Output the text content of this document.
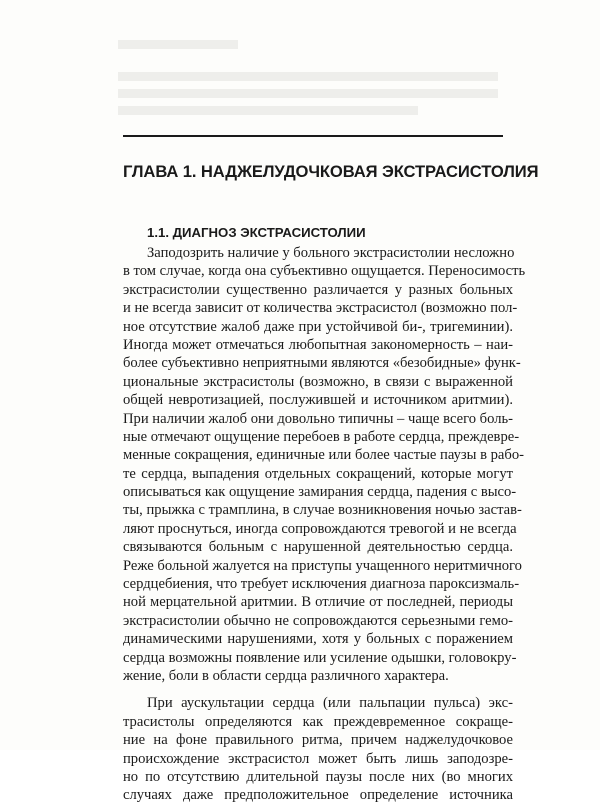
ГЛАВА 1. НАДЖЕЛУДОЧКОВАЯ ЭКСТРАСИСТОЛИЯ
1.1. ДИАГНОЗ ЭКСТРАСИСТОЛИИ
Заподозрить наличие у больного экстрасистолии несложно
в том случае, когда она субъективно ощущается. Переносимость
экстрасистолии существенно различается у разных больных
и не всегда зависит от количества экстрасистол (возможно пол-
ное отсутствие жалоб даже при устойчивой би-, тригеминии).
Иногда может отмечаться любопытная закономерность – наи-
более субъективно неприятными являются «безобидные» функ-
циональные экстрасистолы (возможно, в связи с выраженной
общей невротизацией, послужившей и источником аритмии).
При наличии жалоб они довольно типичны – чаще всего боль-
ные отмечают ощущение перебоев в работе сердца, преждевре-
менные сокращения, единичные или более частые паузы в рабо-
те сердца, выпадения отдельных сокращений, которые могут
описываться как ощущение замирания сердца, падения с высо-
ты, прыжка с трамплина, в случае возникновения ночью застав-
ляют проснуться, иногда сопровождаются тревогой и не всегда
связываются больным с нарушенной деятельностью сердца.
Реже больной жалуется на приступы учащенного неритмичного
сердцебиения, что требует исключения диагноза пароксизмаль-
ной мерцательной аритмии. В отличие от последней, периоды
экстрасистолии обычно не сопровождаются серьезными гемо-
динамическими нарушениями, хотя у больных с поражением
сердца возможны появление или усиление одышки, головокру-
жение, боли в области сердца различного характера.
При аускультации сердца (или пальпации пульса) экс-
трасистолы определяются как преждевременное сокраще-
ние на фоне правильного ритма, причем наджелудочковое
происхождение экстрасистол может быть лишь заподозре-
но по отсутствию длительной паузы после них (во многих
случаях даже предположительное определение источника
